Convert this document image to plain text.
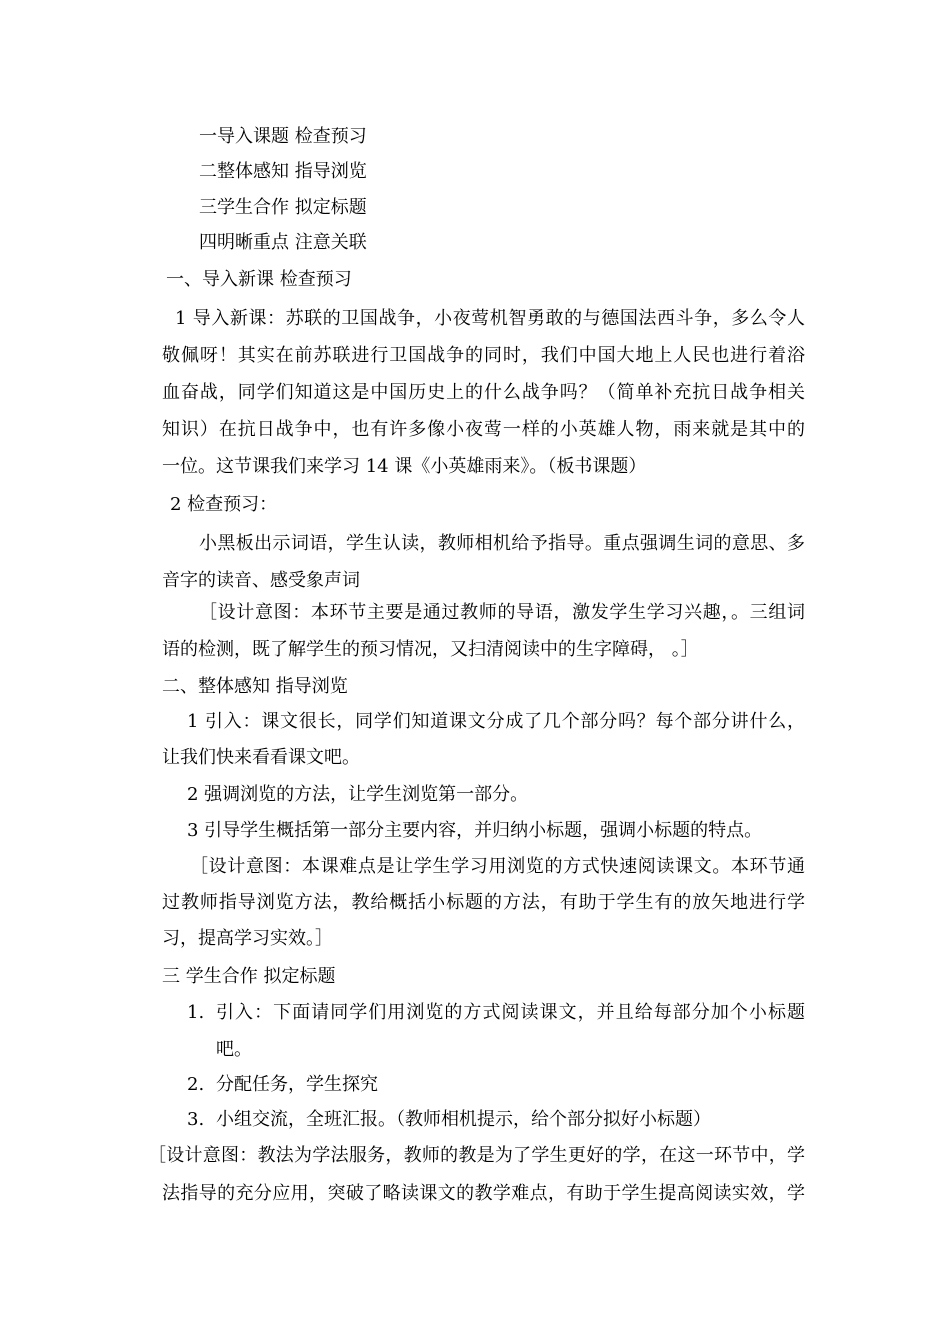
一导入课题 检查预习
二整体感知 指导浏览
三学生合作 拟定标题
四明晰重点 注意关联
一、导入新课 检查预习
1 导入新课：苏联的卫国战争，小夜莺机智勇敢的与德国法西斗争，多么令人
敬佩呀！其实在前苏联进行卫国战争的同时，我们中国大地上人民也进行着浴
血奋战，同学们知道这是中国历史上的什么战争吗？（简单补充抗日战争相关
知识）在抗日战争中，也有许多像小夜莺一样的小英雄人物，雨来就是其中的
一位。这节课我们来学习 14 课《小英雄雨来》。（板书课题）
2 检查预习：
小黑板出示词语，学生认读，教师相机给予指导。重点强调生词的意思、多
音字的读音、感受象声词
［设计意图：本环节主要是通过教师的导语，激发学生学习兴趣，。三组词
语的检测，既了解学生的预习情况，又扫清阅读中的生字障碍， 。］
二、整体感知 指导浏览
1 引入：课文很长，同学们知道课文分成了几个部分吗？每个部分讲什么，
让我们快来看看课文吧。
2 强调浏览的方法，让学生浏览第一部分。
3 引导学生概括第一部分主要内容，并归纳小标题，强调小标题的特点。
［设计意图：本课难点是让学生学习用浏览的方式快速阅读课文。本环节通
过教师指导浏览方法，教给概括小标题的方法，有助于学生有的放矢地进行学
习，提高学习实效。］
三 学生合作 拟定标题
1. 引入：下面请同学们用浏览的方式阅读课文，并且给每部分加个小标题
吧。
2. 分配任务，学生探究
3. 小组交流，全班汇报。（教师相机提示，给个部分拟好小标题）
［设计意图：教法为学法服务，教师的教是为了学生更好的学，在这一环节中，学
法指导的充分应用，突破了略读课文的教学难点，有助于学生提高阅读实效，学
